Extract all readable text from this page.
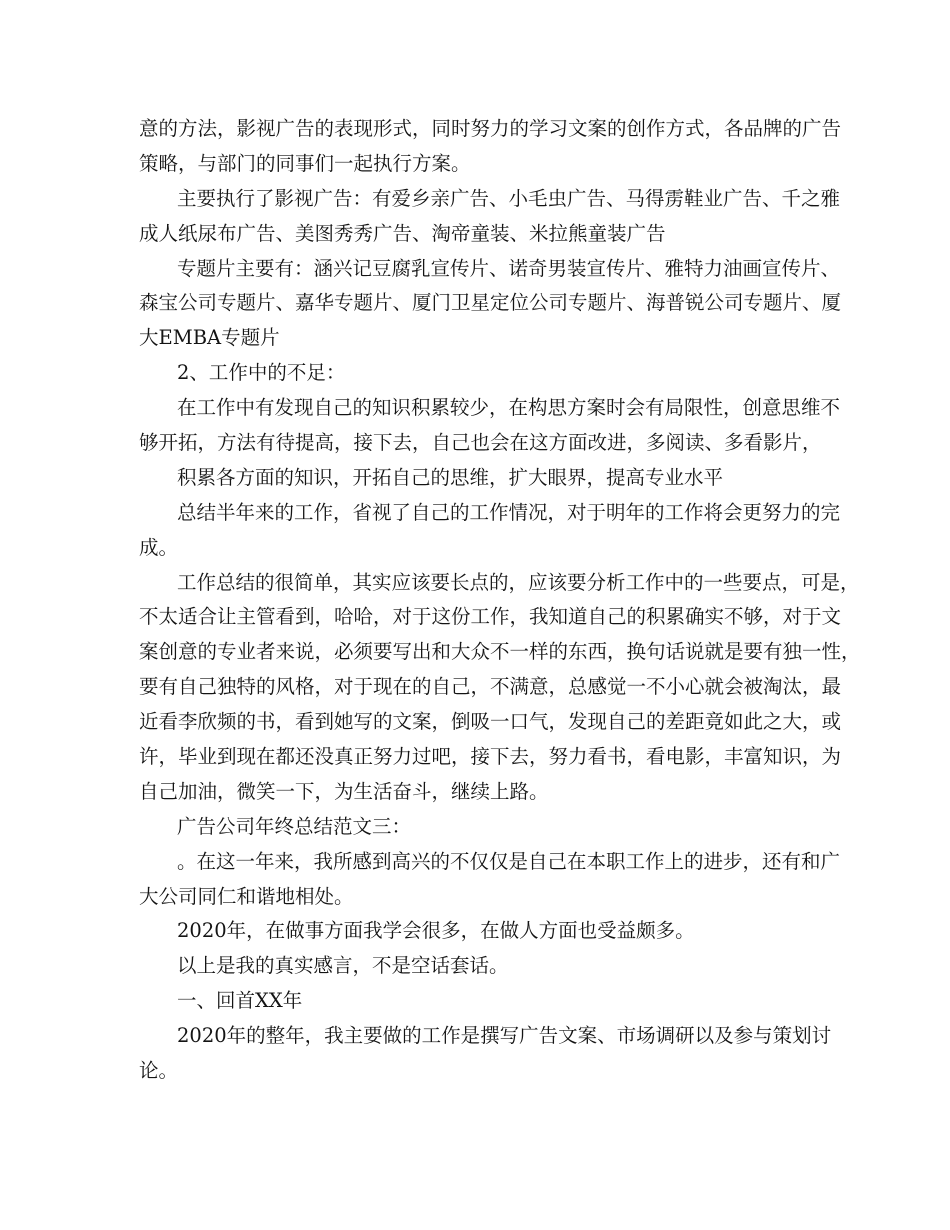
意的方法，影视广告的表现形式，同时努力的学习文案的创作方式，各品牌的广告
策略，与部门的同事们一起执行方案。
主要执行了影视广告：有爱乡亲广告、小毛虫广告、马得雳鞋业广告、千之雅
成人纸尿布广告、美图秀秀广告、淘帝童装、米拉熊童装广告
专题片主要有：涵兴记豆腐乳宣传片、诺奇男装宣传片、雅特力油画宣传片、
森宝公司专题片、嘉华专题片、厦门卫星定位公司专题片、海普锐公司专题片、厦
大EMBA专题片
2、工作中的不足：
在工作中有发现自己的知识积累较少，在构思方案时会有局限性，创意思维不
够开拓，方法有待提高，接下去，自己也会在这方面改进，多阅读、多看影片，
积累各方面的知识，开拓自己的思维，扩大眼界，提高专业水平
总结半年来的工作，省视了自己的工作情况，对于明年的工作将会更努力的完
成。
工作总结的很简单，其实应该要长点的，应该要分析工作中的一些要点，可是，
不太适合让主管看到，哈哈，对于这份工作，我知道自己的积累确实不够，对于文
案创意的专业者来说，必须要写出和大众不一样的东西，换句话说就是要有独一性，
要有自己独特的风格，对于现在的自己，不满意，总感觉一不小心就会被淘汰，最
近看李欣频的书，看到她写的文案，倒吸一口气，发现自己的差距竟如此之大，或
许，毕业到现在都还没真正努力过吧，接下去，努力看书，看电影，丰富知识，为
自己加油，微笑一下，为生活奋斗，继续上路。
广告公司年终总结范文三：
。在这一年来，我所感到高兴的不仅仅是自己在本职工作上的进步，还有和广
大公司同仁和谐地相处。
2020年，在做事方面我学会很多，在做人方面也受益颇多。
以上是我的真实感言，不是空话套话。
一、回首XX年
2020年的整年，我主要做的工作是撰写广告文案、市场调研以及参与策划讨
论。
